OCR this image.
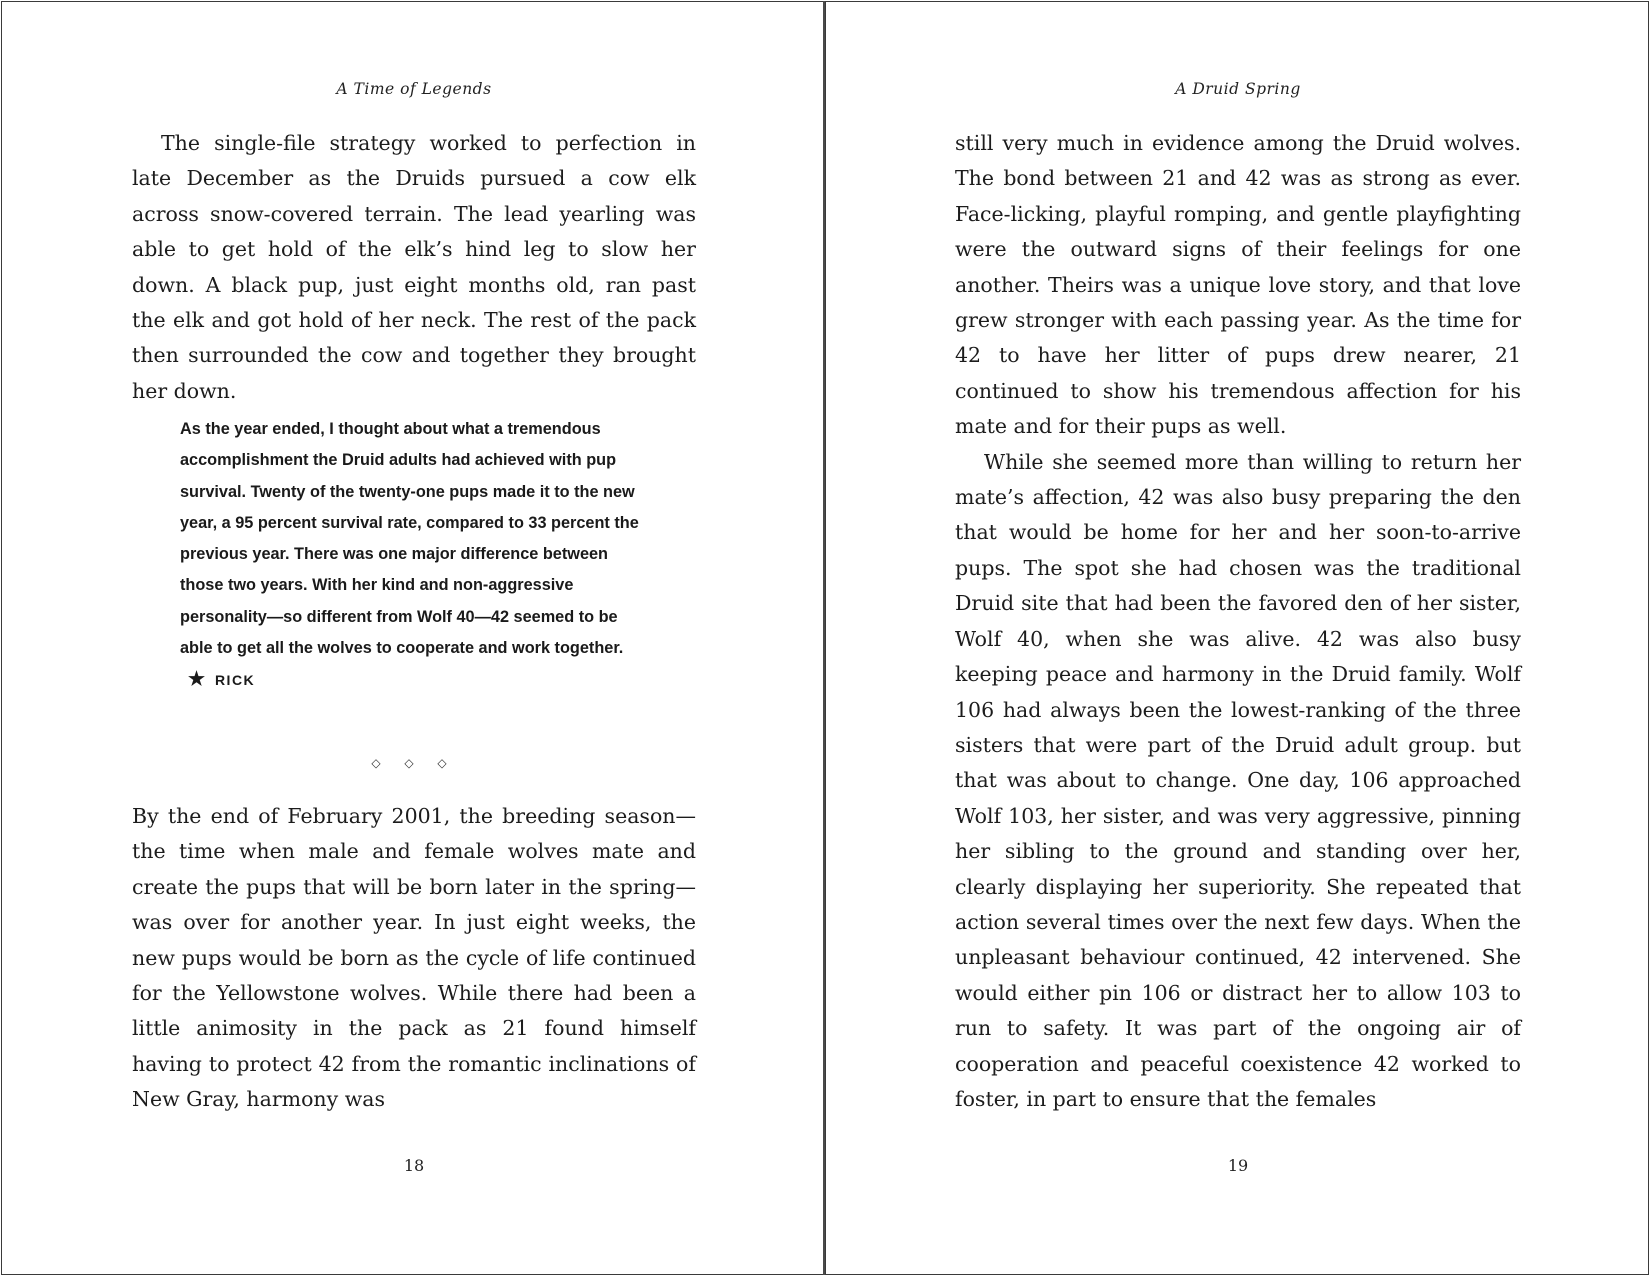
A Time of Legends

The single-file strategy worked to perfection in late December as the Druids pursued a cow elk across snow-covered terrain. The lead yearling was able to get hold of the elk’s hind leg to slow her down. A black pup, just eight months old, ran past the elk and got hold of her neck. The rest of the pack then surrounded the cow and together they brought her down.

As the year ended, I thought about what a tremendous accomplishment the Druid adults had achieved with pup survival. Twenty of the twenty-one pups made it to the new year, a 95 percent survival rate, compared to 33 percent the previous year. There was one major difference between those two years. With her kind and non-aggressive personality—so different from Wolf 40—42 seemed to be able to get all the wolves to cooperate and work together. ★ RICK
◇ ◇ ◇

By the end of February 2001, the breeding season—the time when male and female wolves mate and create the pups that will be born later in the spring—was over for another year. In just eight weeks, the new pups would be born as the cycle of life continued for the Yellowstone wolves. While there had been a little animosity in the pack as 21 found himself having to protect 42 from the romantic inclinations of New Gray, harmony was

18
A Druid Spring

still very much in evidence among the Druid wolves. The bond between 21 and 42 was as strong as ever. Face-licking, playful romping, and gentle playfighting were the outward signs of their feelings for one another. Theirs was a unique love story, and that love grew stronger with each passing year. As the time for 42 to have her litter of pups drew nearer, 21 continued to show his tremendous affection for his mate and for their pups as well.

While she seemed more than willing to return her mate’s affection, 42 was also busy preparing the den that would be home for her and her soon-to-arrive pups. The spot she had chosen was the traditional Druid site that had been the favored den of her sister, Wolf 40, when she was alive. 42 was also busy keeping peace and harmony in the Druid family. Wolf 106 had always been the lowest-ranking of the three sisters that were part of the Druid adult group. but that was about to change. One day, 106 approached Wolf 103, her sister, and was very aggressive, pinning her sibling to the ground and standing over her, clearly displaying her superiority. She repeated that action several times over the next few days. When the unpleasant behaviour continued, 42 intervened. She would either pin 106 or distract her to allow 103 to run to safety. It was part of the ongoing air of cooperation and peaceful coexistence 42 worked to foster, in part to ensure that the females

19
